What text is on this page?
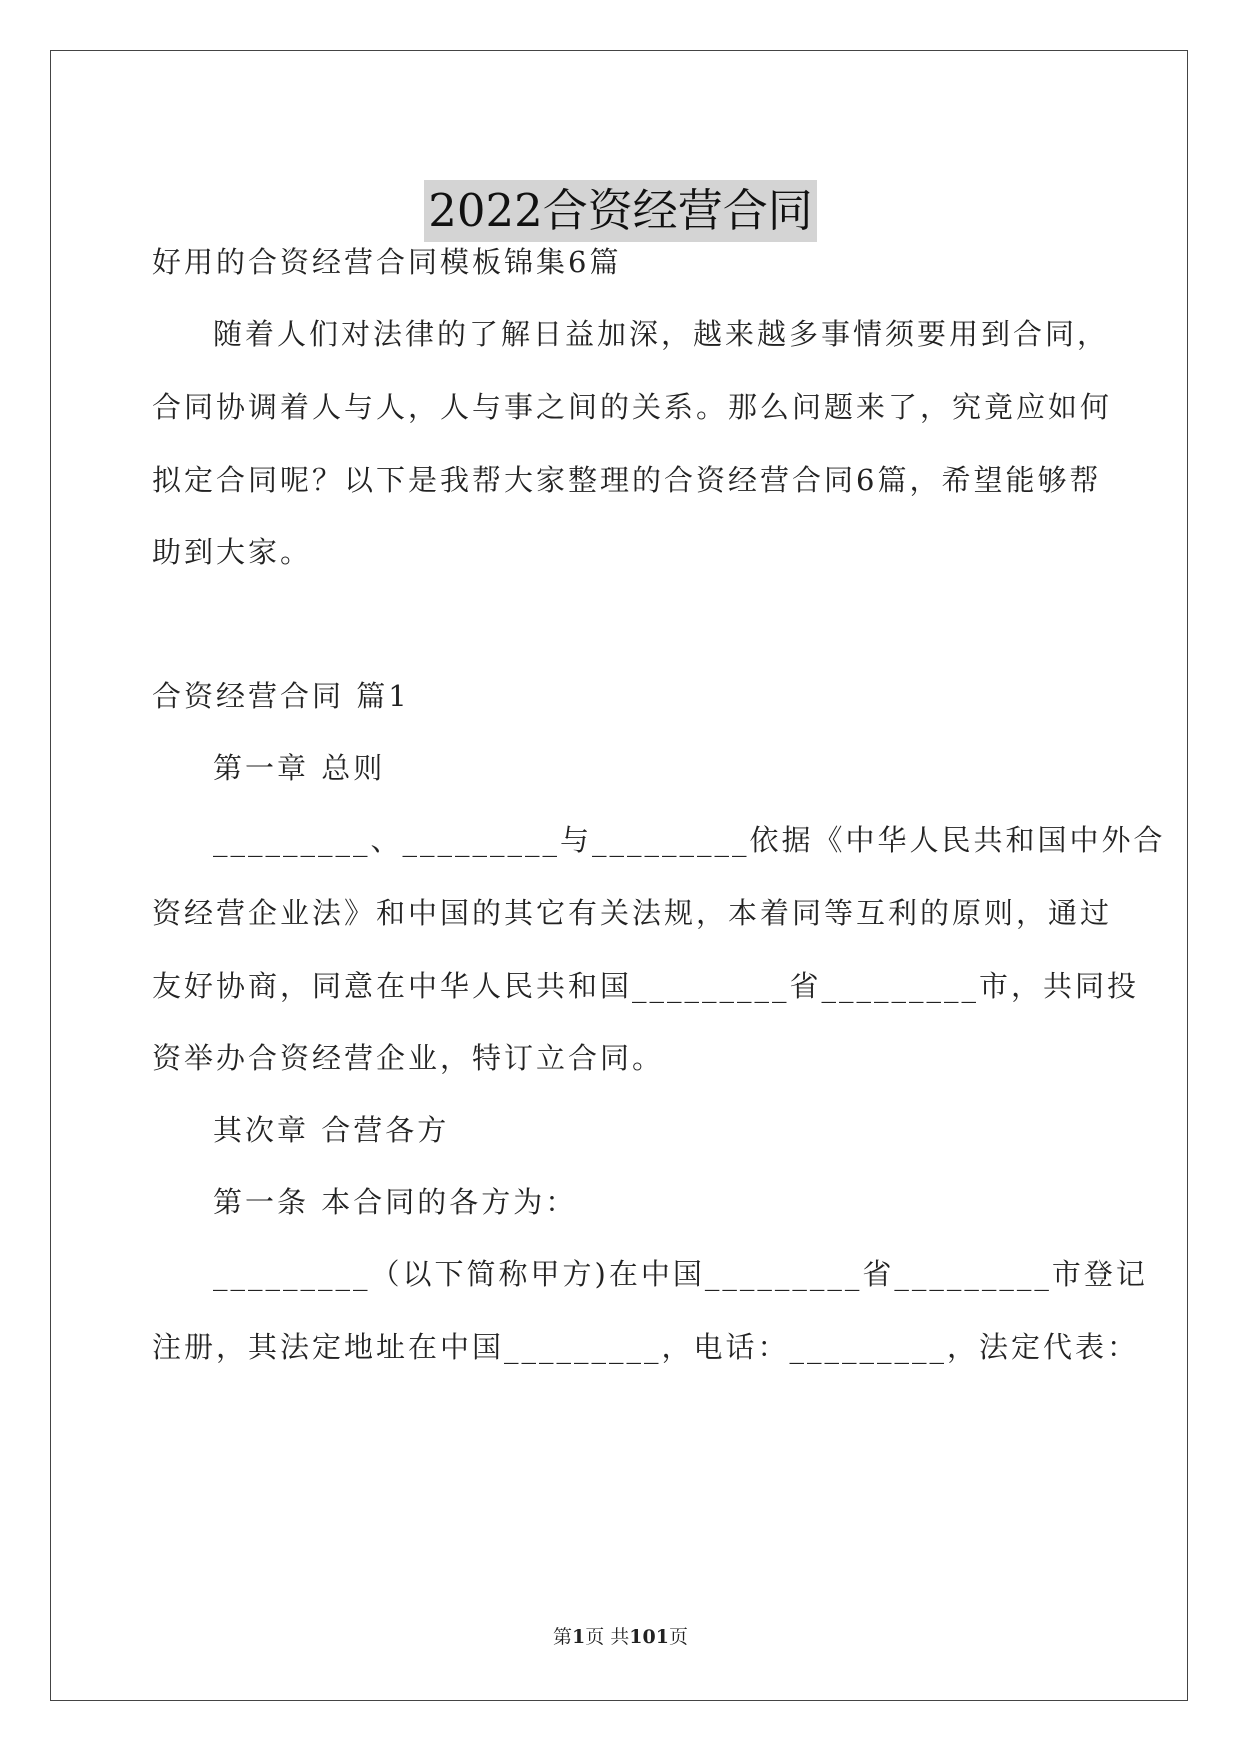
2022合资经营合同
好用的合资经营合同模板锦集6篇
随着人们对法律的了解日益加深，越来越多事情须要用到合同，
合同协调着人与人，人与事之间的关系。那么问题来了，究竟应如何
拟定合同呢？以下是我帮大家整理的合资经营合同6篇，希望能够帮
助到大家。
合资经营合同 篇1
第一章 总则
_________、_________与_________依据《中华人民共和国中外合
资经营企业法》和中国的其它有关法规，本着同等互利的原则，通过
友好协商，同意在中华人民共和国_________省_________市，共同投
资举办合资经营企业，特订立合同。
其次章 合营各方
第一条 本合同的各方为：
_________（以下简称甲方)在中国_________省_________市登记
注册，其法定地址在中国_________，电话：_________，法定代表：
第1页 共101页
